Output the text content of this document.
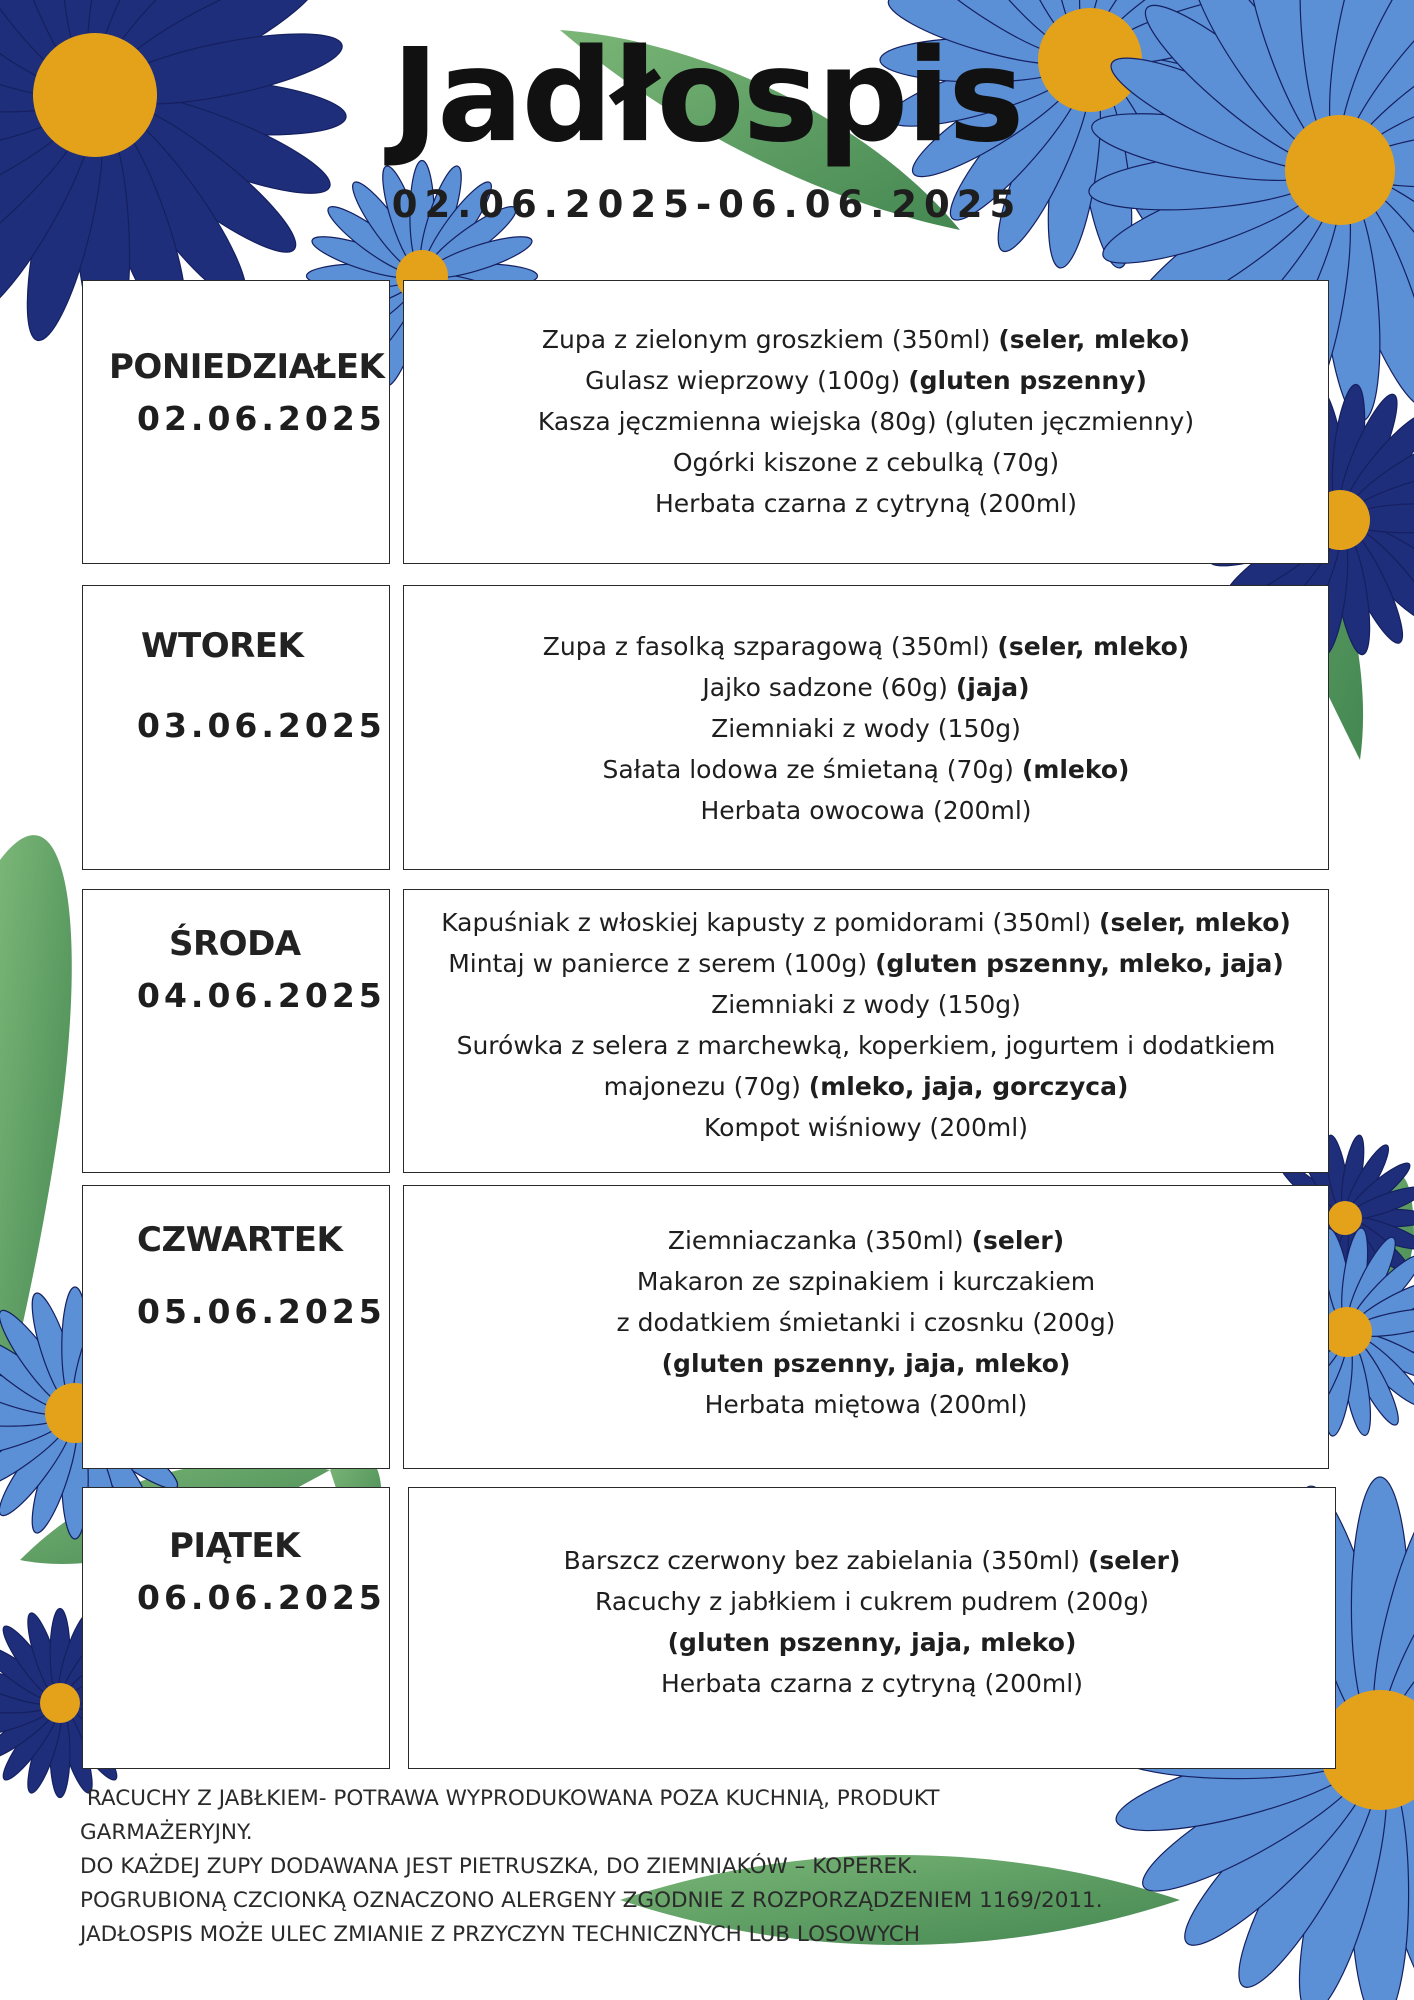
Jadłospis
02.06.2025-06.06.2025
PONIEDZIAŁEK
02.06.2025
Zupa z zielonym groszkiem (350ml) (seler, mleko)
Gulasz wieprzowy (100g) (gluten pszenny)
Kasza jęczmienna wiejska (80g) (gluten jęczmienny)
Ogórki kiszone z cebulką (70g)
Herbata czarna z cytryną (200ml)
WTOREK
03.06.2025
Zupa z fasolką szparagową (350ml) (seler, mleko)
Jajko sadzone (60g) (jaja)
Ziemniaki z wody (150g)
Sałata lodowa ze śmietaną (70g) (mleko)
Herbata owocowa (200ml)
ŚRODA
04.06.2025
Kapuśniak z włoskiej kapusty z pomidorami (350ml) (seler, mleko)
Mintaj w panierce z serem (100g) (gluten pszenny, mleko, jaja)
Ziemniaki z wody (150g)
Surówka z selera z marchewką, koperkiem, jogurtem i dodatkiem
majonezu (70g) (mleko, jaja, gorczyca)
Kompot wiśniowy (200ml)
CZWARTEK
05.06.2025
Ziemniaczanka (350ml) (seler)
Makaron ze szpinakiem i kurczakiem
z dodatkiem śmietanki i czosnku (200g)
(gluten pszenny, jaja, mleko)
Herbata miętowa (200ml)
PIĄTEK
06.06.2025
Barszcz czerwony bez zabielania (350ml) (seler)
Racuchy z jabłkiem i cukrem pudrem (200g)
(gluten pszenny, jaja, mleko)
Herbata czarna z cytryną (200ml)
RACUCHY Z JABŁKIEM- POTRAWA WYPRODUKOWANA POZA KUCHNIĄ, PRODUKT
GARMAŻERYJNY.
DO KAŻDEJ ZUPY DODAWANA JEST PIETRUSZKA, DO ZIEMNIAKÓW – KOPEREK.
POGRUBIONĄ CZCIONKĄ OZNACZONO ALERGENY ZGODNIE Z ROZPORZĄDZENIEM 1169/2011.
JADŁOSPIS MOŻE ULEC ZMIANIE Z PRZYCZYN TECHNICZNYCH LUB LOSOWYCH
